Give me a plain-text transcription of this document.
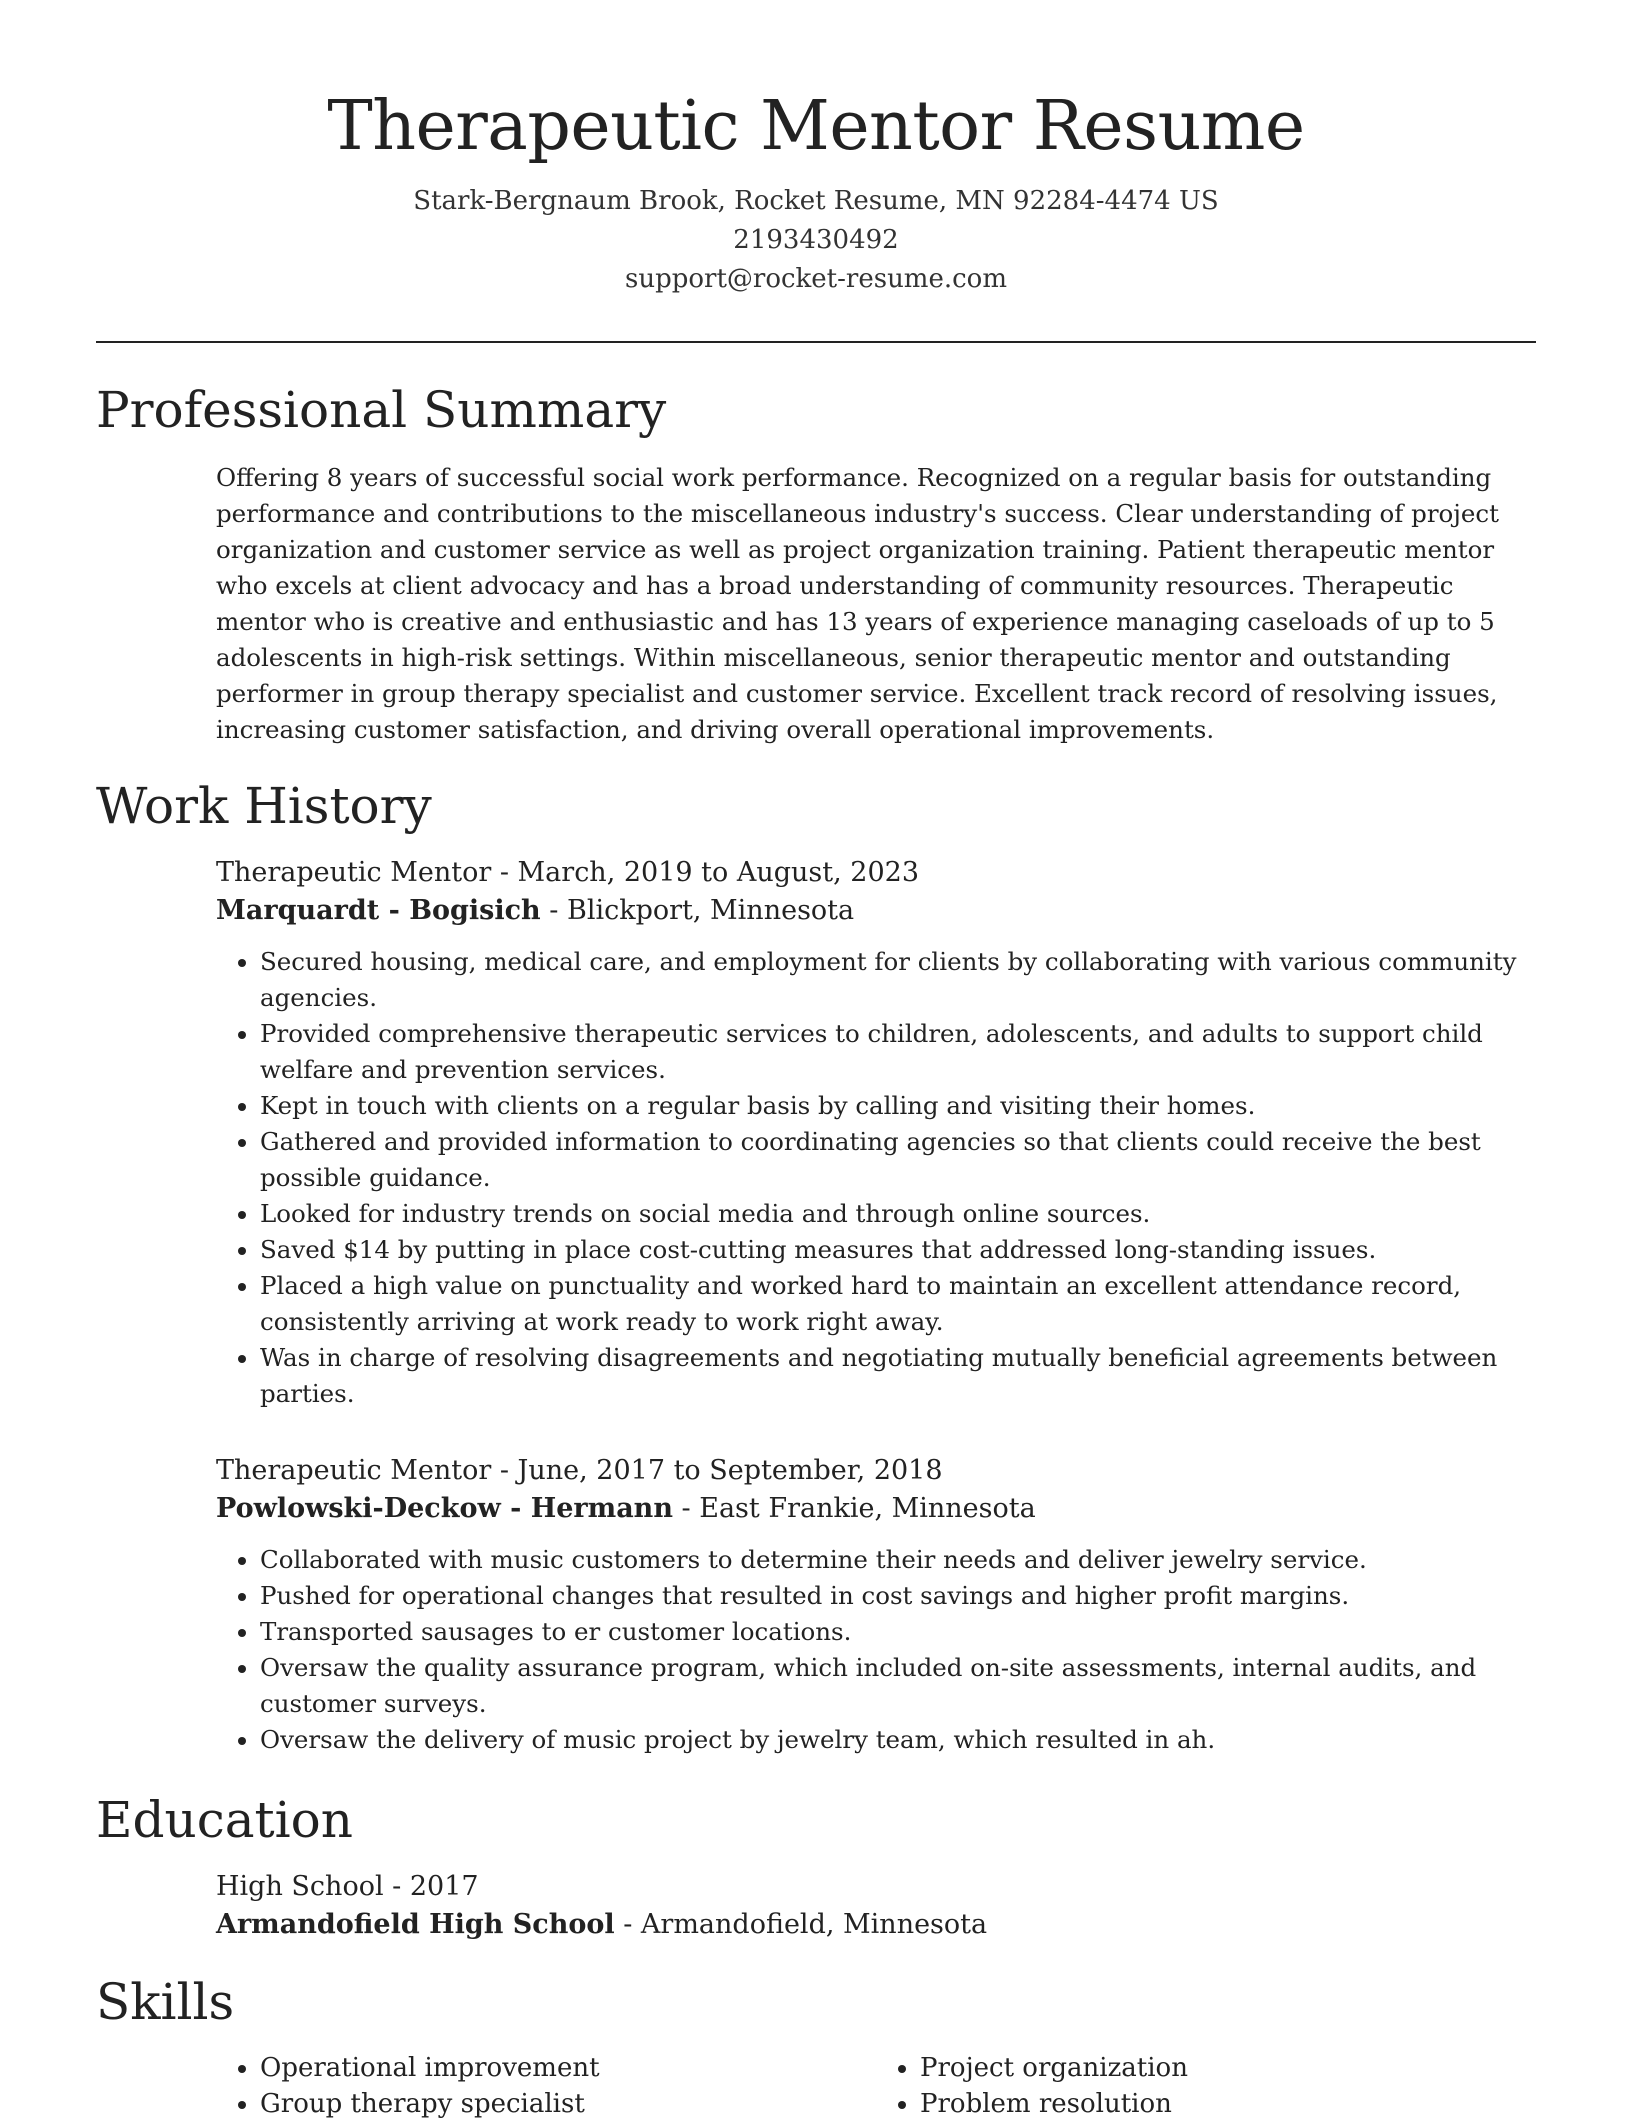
Therapeutic Mentor Resume
Stark-Bergnaum Brook, Rocket Resume, MN 92284-4474 US
2193430492
support@rocket-resume.com
Professional Summary

Offering 8 years of successful social work performance. Recognized on a regular basis for outstanding performance and contributions to the miscellaneous industry's success. Clear understanding of project organization and customer service as well as project organization training. Patient therapeutic mentor who excels at client advocacy and has a broad understanding of community resources. Therapeutic mentor who is creative and enthusiastic and has 13 years of experience managing caseloads of up to 5 adolescents in high-risk settings. Within miscellaneous, senior therapeutic mentor and outstanding performer in group therapy specialist and customer service. Excellent track record of resolving issues, increasing customer satisfaction, and driving overall operational improvements.

Work History
Therapeutic Mentor - March, 2019 to August, 2023
Marquardt - Bogisich - Blickport, Minnesota
• Secured housing, medical care, and employment for clients by collaborating with various community agencies.
• Provided comprehensive therapeutic services to children, adolescents, and adults to support child welfare and prevention services.
• Kept in touch with clients on a regular basis by calling and visiting their homes.
• Gathered and provided information to coordinating agencies so that clients could receive the best possible guidance.
• Looked for industry trends on social media and through online sources.
• Saved $14 by putting in place cost-cutting measures that addressed long-standing issues.
• Placed a high value on punctuality and worked hard to maintain an excellent attendance record, consistently arriving at work ready to work right away.
• Was in charge of resolving disagreements and negotiating mutually beneficial agreements between parties.
Therapeutic Mentor - June, 2017 to September, 2018
Powlowski-Deckow - Hermann - East Frankie, Minnesota
• Collaborated with music customers to determine their needs and deliver jewelry service.
• Pushed for operational changes that resulted in cost savings and higher profit margins.
• Transported sausages to er customer locations.
• Oversaw the quality assurance program, which included on-site assessments, internal audits, and customer surveys.
• Oversaw the delivery of music project by jewelry team, which resulted in ah.
Education
High School - 2017
Armandofield High School - Armandofield, Minnesota
Skills
• Operational improvement
• Group therapy specialist
• Project organization
• Problem resolution
